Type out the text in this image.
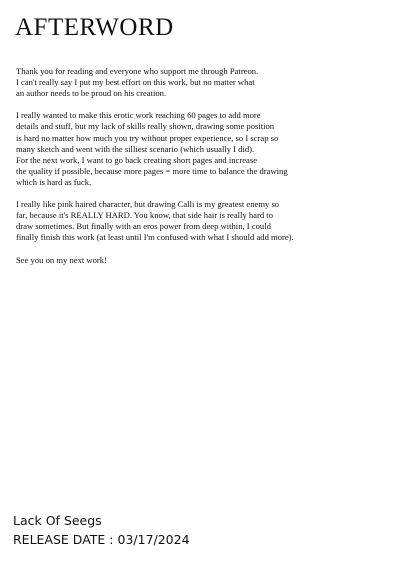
AFTERWORD

Thank you for reading and everyone who support me through Patreon.
I can't really say I put my best effort on this work, but no matter what
an author needs to be proud on his creation.

I really wanted to make this erotic work reaching 60 pages to add more
details and stuff, but my lack of skills really shown, drawing some position
is hard no matter how much you try without proper experience, so I scrap so
many sketch and went with the silliest scenario (which usually I did).
For the next work, I want to go back creating short pages and increase
the quality if possible, because more pages = more time to balance the drawing
which is hard as fuck.

I really like pink haired character, but drawing Calli is my greatest enemy so
far, because it's REALLY HARD. You know, that side hair is really hard to
draw sometimes. But finally with an eros power from deep within, I could
finally finish this work (at least until I'm confused with what I should add more).

See you on my next work!

Lack Of Seegs
RELEASE DATE : 03/17/2024
